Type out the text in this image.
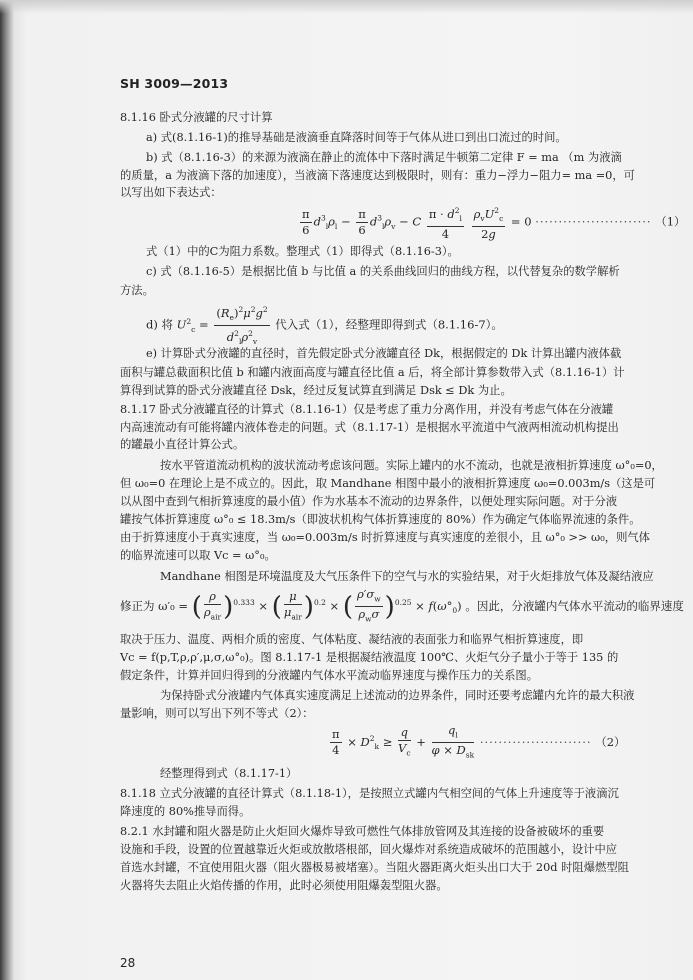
SH 3009—2013
8.1.16 卧式分液罐的尺寸计算
a) 式(8.1.16-1)的推导基础是液滴垂直降落时间等于气体从进口到出口流过的时间。
b) 式（8.1.16-3）的来源为液滴在静止的流体中下落时满足牛顿第二定律 F = ma （m 为液滴
的质量，a 为液滴下落的加速度），当液滴下落速度达到极限时，则有：重力−浮力−阻力= ma =0，可
以写出如下表达式：
$\frac{\pi}{6} d^3_l\rho_l - \frac{\pi}{6} d^3_l\rho_v - C \frac{\pi \cdot d^2_l}{4}$
$\frac{\rho_vU^2_c}{2g} = 0$ ························· （1）
式（1）中的C为阻力系数。整理式（1）即得式（8.1.16-3）。
c) 式（8.1.16-5）是根据比值 b 与比值 a 的关系曲线回归的曲线方程，以代替复杂的数学解析
方法。
d) 将 $U^2_c = \frac{(R_e)^2\mu^2g^2}{d^2_l\rho^2_v}$ 代入式（1），经整理即得到式（8.1.16-7）。
e) 计算卧式分液罐的直径时，首先假定卧式分液罐直径 Dk，根据假定的 Dk 计算出罐内液体截
面积与罐总截面积比值 b 和罐内液面高度与罐直径比值 a 后，将全部计算参数带入式（8.1.16-1）计
算得到试算的卧式分液罐直径 Dsk，经过反复试算直到满足 Dsk ≤ Dk 为止。
8.1.17 卧式分液罐直径的计算式（8.1.16-1）仅是考虑了重力分离作用，并没有考虑气体在分液罐
内高速流动有可能将罐内液体卷走的问题。式（8.1.17-1）是根据水平流道中气液两相流动机构提出
的罐最小直径计算公式。
按水平管道流动机构的波状流动考虑该问题。实际上罐内的水不流动，也就是液相折算速度 ω°₀=0，
但 ω₀=0 在理论上是不成立的。因此，取 Mandhane 相图中最小的液相折算速度 ω₀=0.003m/s（这是可
以从图中查到气相折算速度的最小值）作为水基本不流动的边界条件，以便处理实际问题。对于分液
罐按气体折算速度 ω°₀ ≤ 18.3m/s（即波状机构气体折算速度的 80%）作为确定气体临界流速的条件。
由于折算速度小于真实速度，当 ω₀=0.003m/s 时折算速度与真实速度的差很小，且 ω°₀ >> ω₀，则气体
的临界流速可以取 Vc = ω°₀。
Mandhane 相图是环境温度及大气压条件下的空气与水的实验结果，对于火炬排放气体及凝结液应
修正为 ω′₀ = ( $\frac{\rho}{\rho_{air}} )^{0.333}$ × ( $\frac{\mu}{\mu_{air}} )^{0.2}$ × ( $\frac{\rho'\sigma_w}{\rho_w\sigma} )^{0.25} \times f(\omega^\circ_0)$ 。因此，分液罐内气体水平流动的临界速度
取决于压力、温度、两相介质的密度、气体粘度、凝结液的表面张力和临界气相折算速度，即
Vc = f(p,T,ρ,ρ′,μ,σ,ω°₀)。图 8.1.17-1 是根据凝结液温度 100℃、火炬气分子量小于等于 135 的
假定条件，计算并回归得到的分液罐内气体水平流动临界速度与操作压力的关系图。
为保持卧式分液罐内气体真实速度满足上述流动的边界条件，同时还要考虑罐内允许的最大积液
量影响，则可以写出下列不等式（2）：
$\frac{\pi}{4} \times D^2_k \ge \frac{q}{V_c} + \frac{q_l}{\varphi \times D_{sk}}$ ························ （2）
经整理得到式（8.1.17-1）
8.1.18 立式分液罐的直径计算式（8.1.18-1），是按照立式罐内气相空间的气体上升速度等于液滴沉
降速度的 80%推导而得。
8.2.1 水封罐和阻火器是防止火炬回火爆炸导致可燃性气体排放管网及其连接的设备被破坏的重要
设施和手段，设置的位置越靠近火炬或放散塔根部，回火爆炸对系统造成破坏的范围越小，设计中应
首选水封罐，不宜使用阻火器（阻火器极易被堵塞）。当阻火器距离火炬头出口大于 20d 时阻爆燃型阻
火器将失去阻止火焰传播的作用，此时必须使用阻爆轰型阻火器。
28
